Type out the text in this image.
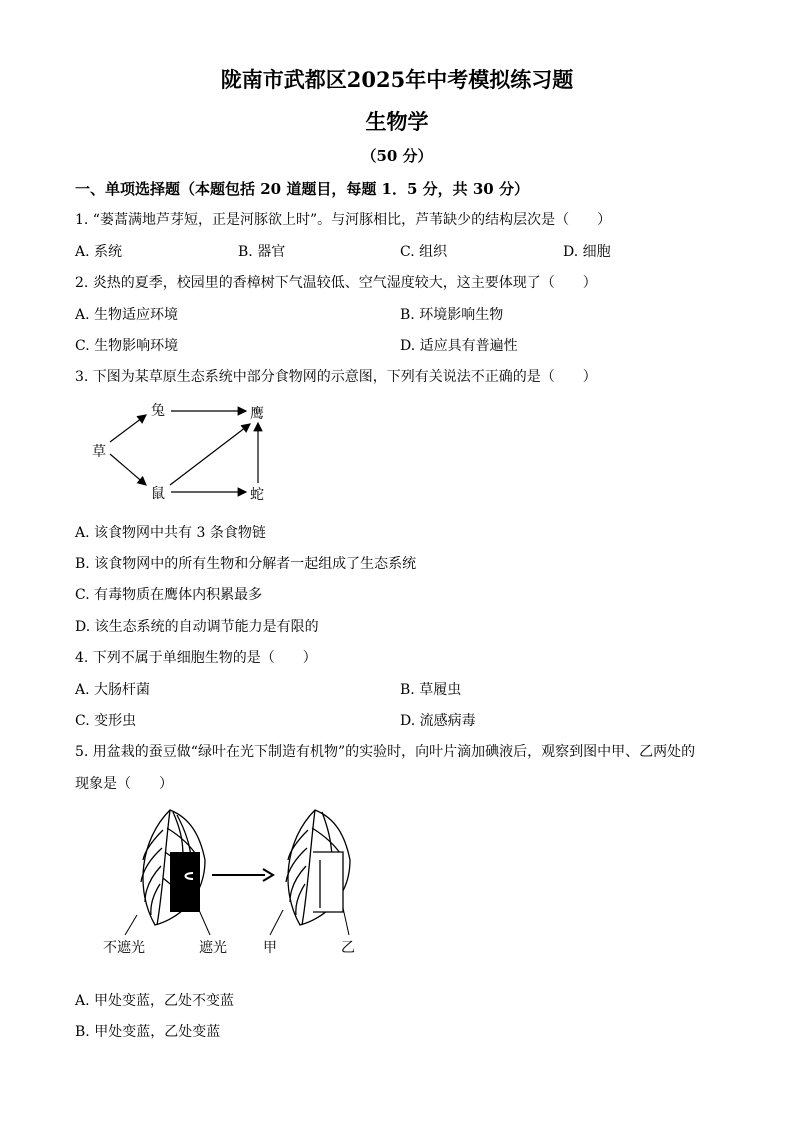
陇南市武都区2025年中考模拟练习题
生物学
（50 分）
一、单项选择题（本题包括 20 道题目，每题 1．5 分，共 30 分）
1. “蒌蒿满地芦芽短，正是河豚欲上时”。与河豚相比，芦苇缺少的结构层次是（　　）
A. 系统	B. 器官	C. 组织	D. 细胞
2. 炎热的夏季，校园里的香樟树下气温较低、空气湿度较大，这主要体现了（　　）
A. 生物适应环境	B. 环境影响生物
C. 生物影响环境	D. 适应具有普遍性
3. 下图为某草原生态系统中部分食物网的示意图，下列有关说法不正确的是（　　）
兔	鹰
草
鼠	蛇
A. 该食物网中共有 3 条食物链
B. 该食物网中的所有生物和分解者一起组成了生态系统
C. 有毒物质在鹰体内积累最多
D. 该生态系统的自动调节能力是有限的
4. 下列不属于单细胞生物的是（　　）
A. 大肠杆菌	B. 草履虫
C. 变形虫	D. 流感病毒
5. 用盆栽的蚕豆做“绿叶在光下制造有机物”的实验时，向叶片滴加碘液后，观察到图中甲、乙两处的
现象是（　　）
不遮光	遮光	甲	乙
A. 甲处变蓝，乙处不变蓝
B. 甲处变蓝，乙处变蓝
